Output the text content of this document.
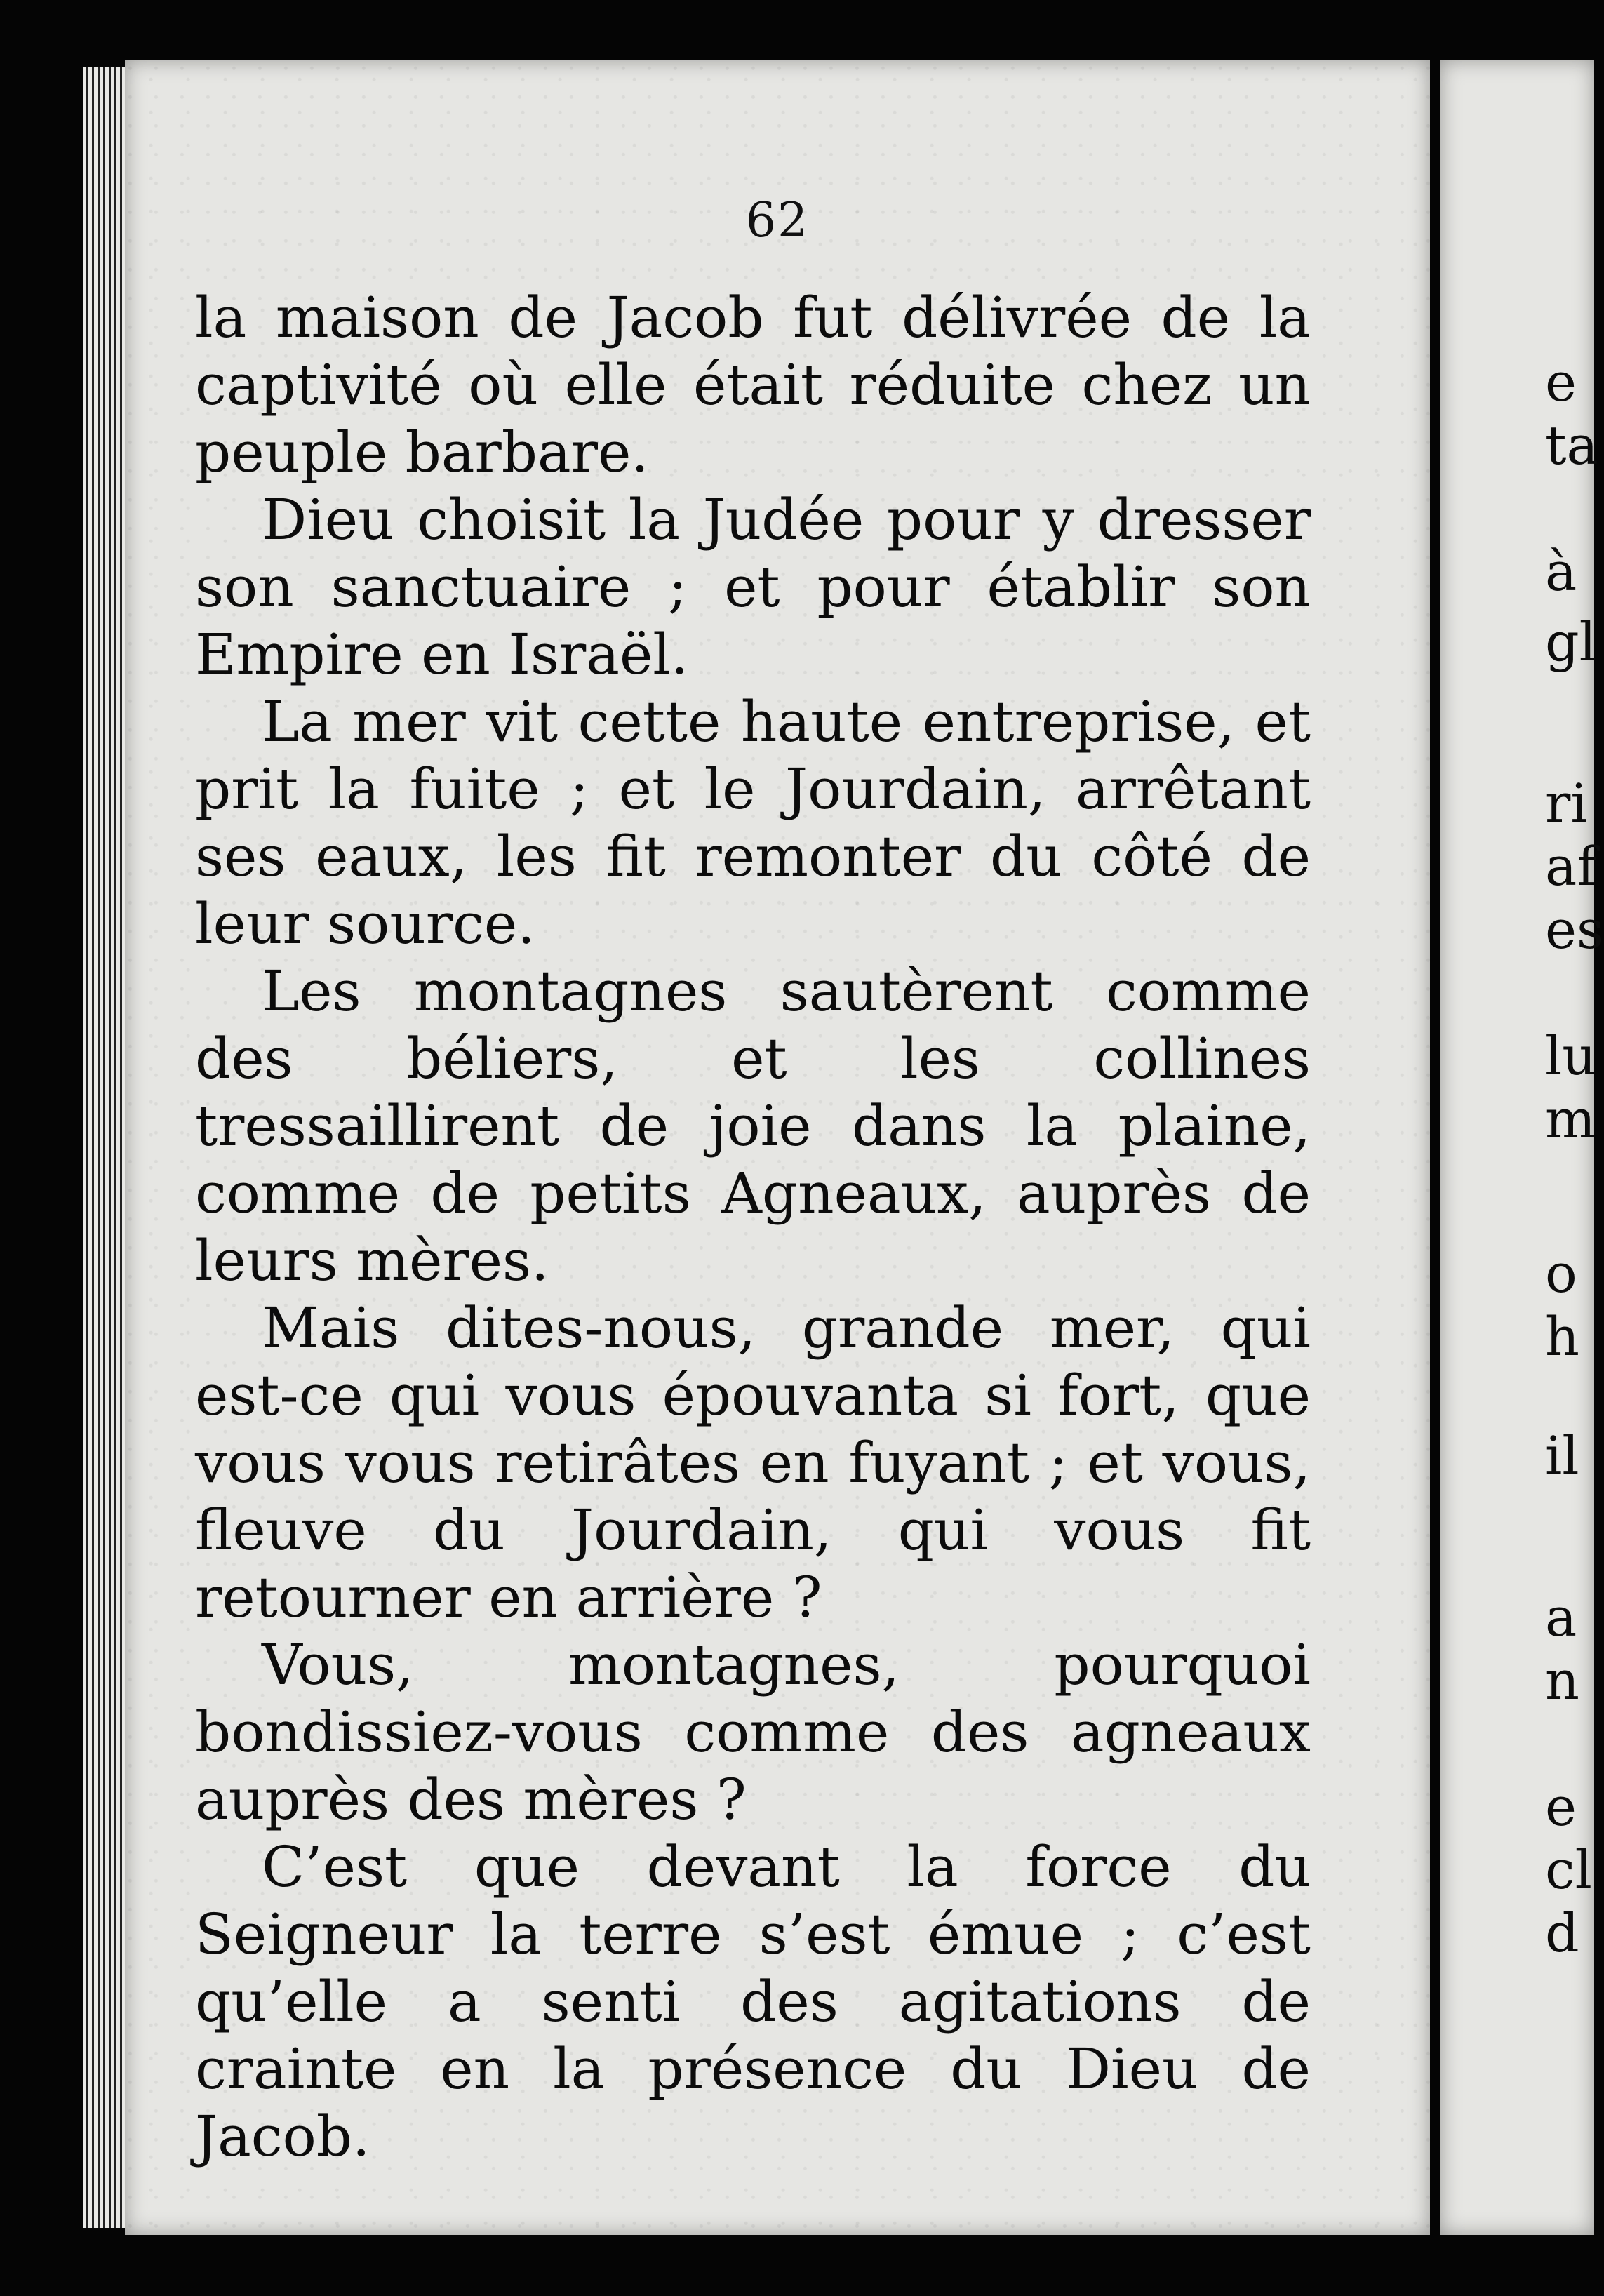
62

la maison de Jacob fut délivrée de la captivité où elle était réduite chez un peuple barbare.

Dieu choisit la Judée pour y dresser son sanctuaire ; et pour établir son Empire en Israël.

La mer vit cette haute entreprise, et prit la fuite ; et le Jourdain, arrêtant ses eaux, les fit remonter du côté de leur source.

Les montagnes sautèrent comme des béliers, et les collines tressaillirent de joie dans la plaine, comme de petits Agneaux, auprès de leurs mères.

Mais dites-nous, grande mer, qui est-ce qui vous épouvanta si fort, que vous vous retirâtes en fuyant ; et vous, fleuve du Jourdain, qui vous fit retourner en arrière ?

Vous, montagnes, pourquoi bondissiez-vous comme des agneaux auprès des mères ?

C’est que devant la force du Seigneur la terre s’est émue ; c’est qu’elle a senti des agitations de crainte en la présence du Dieu de Jacob.

e
ta
à
gl
ri
af
es
lu
m
o
h
il
a
n
e
cl
d
